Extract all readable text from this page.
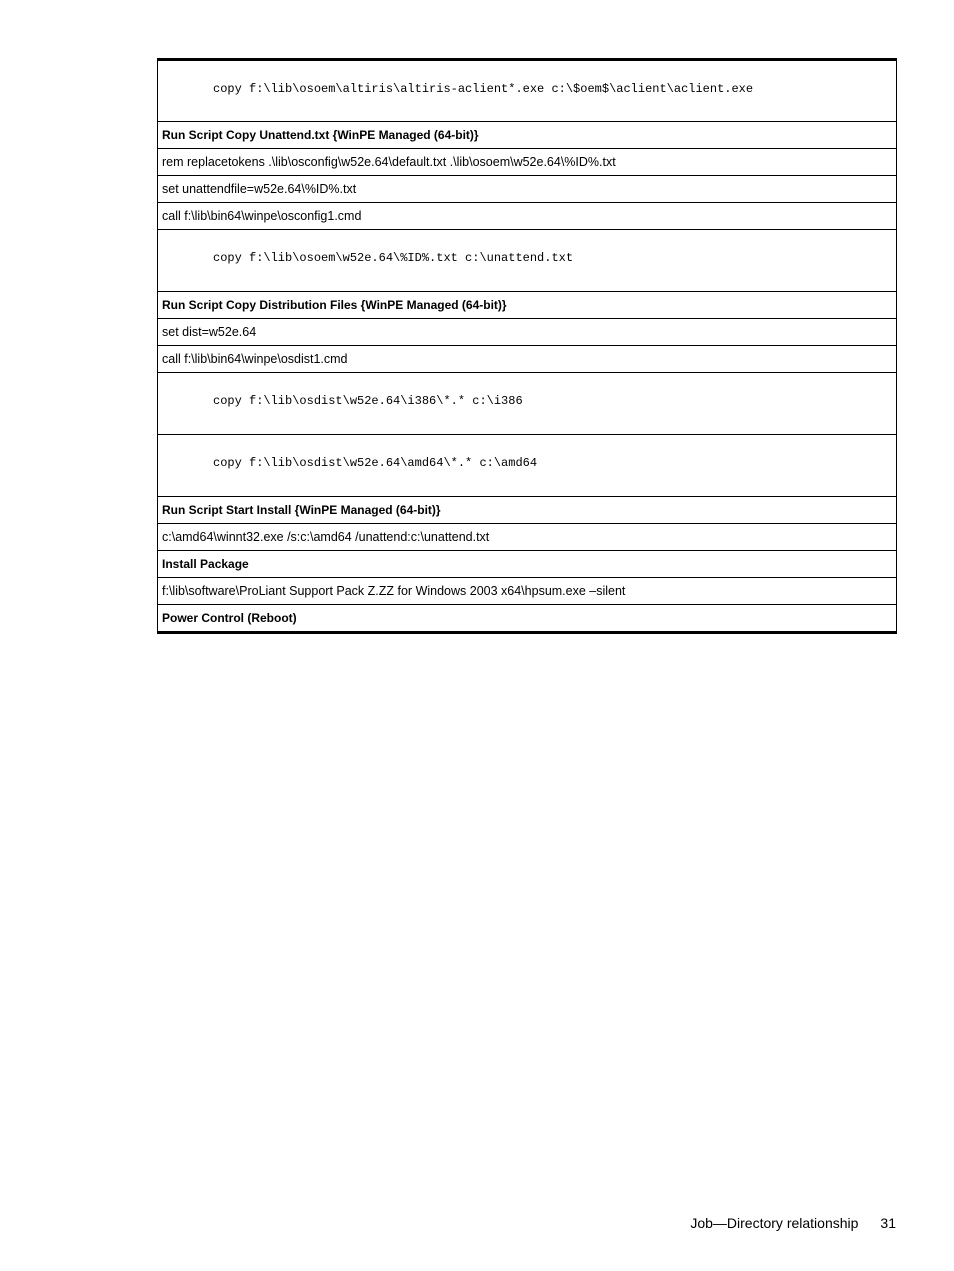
copy f:\lib\osoem\altiris\altiris-aclient*.exe c:\$oem$\aclient\aclient.exe
Run Script Copy Unattend.txt {WinPE Managed (64-bit)}
rem replacetokens .\lib\osconfig\w52e.64\default.txt .\lib\osoem\w52e.64\%ID%.txt
set unattendfile=w52e.64\%ID%.txt
call f:\lib\bin64\winpe\osconfig1.cmd
copy f:\lib\osoem\w52e.64\%ID%.txt c:\unattend.txt
Run Script Copy Distribution Files {WinPE Managed (64-bit)}
set dist=w52e.64
call f:\lib\bin64\winpe\osdist1.cmd
copy f:\lib\osdist\w52e.64\i386\*.* c:\i386
copy f:\lib\osdist\w52e.64\amd64\*.* c:\amd64
Run Script Start Install {WinPE Managed (64-bit)}
c:\amd64\winnt32.exe /s:c:\amd64 /unattend:c:\unattend.txt
Install Package
f:\lib\software\ProLiant Support Pack Z.ZZ for Windows 2003 x64\hpsum.exe –silent
Power Control (Reboot)
Job—Directory relationship 31
